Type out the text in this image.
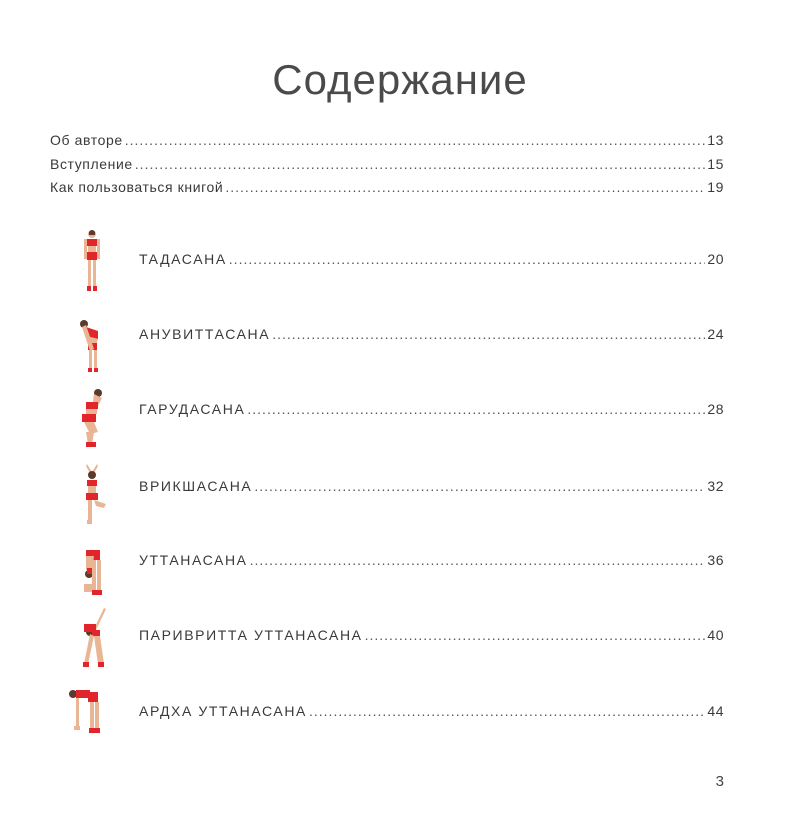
Содержание
Об авторе .....	13
Вступление .....	15
Как пользоваться книгой .....	19
ТАДАСАНА .....	20
АНУВИТТАСАНА .....	24
ГАРУДАСАНА .....	28
ВРИКШАСАНА .....	32
УТТАНАСАНА .....	36
ПАРИВРИТТА УТТАНАСАНА .....	40
АРДХА УТТАНАСАНА .....	44
3
